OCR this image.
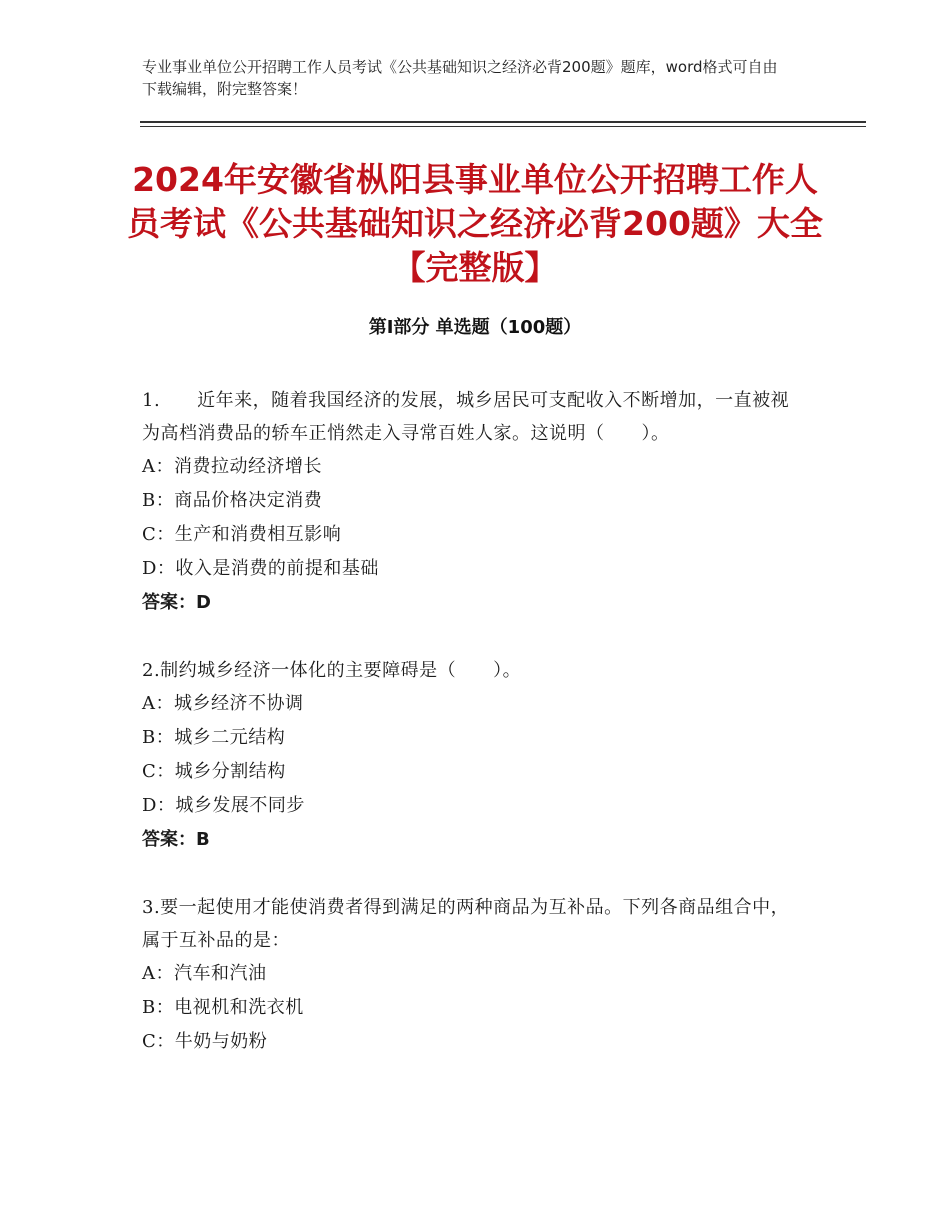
专业事业单位公开招聘工作人员考试《公共基础知识之经济必背200题》题库，word格式可自由下载编辑，附完整答案！
2024年安徽省枞阳县事业单位公开招聘工作人员考试《公共基础知识之经济必背200题》大全【完整版】
第I部分 单选题（100题）

1.　　近年来，随着我国经济的发展，城乡居民可支配收入不断增加，一直被视为高档消费品的轿车正悄然走入寻常百姓人家。这说明（　　）。

A：消费拉动经济增长

B：商品价格决定消费

C：生产和消费相互影响

D：收入是消费的前提和基础

答案：D

2.制约城乡经济一体化的主要障碍是（　　）。

A：城乡经济不协调

B：城乡二元结构

C：城乡分割结构

D：城乡发展不同步

答案：B

3.要一起使用才能使消费者得到满足的两种商品为互补品。下列各商品组合中，属于互补品的是：

A：汽车和汽油

B：电视机和洗衣机

C：牛奶与奶粉
